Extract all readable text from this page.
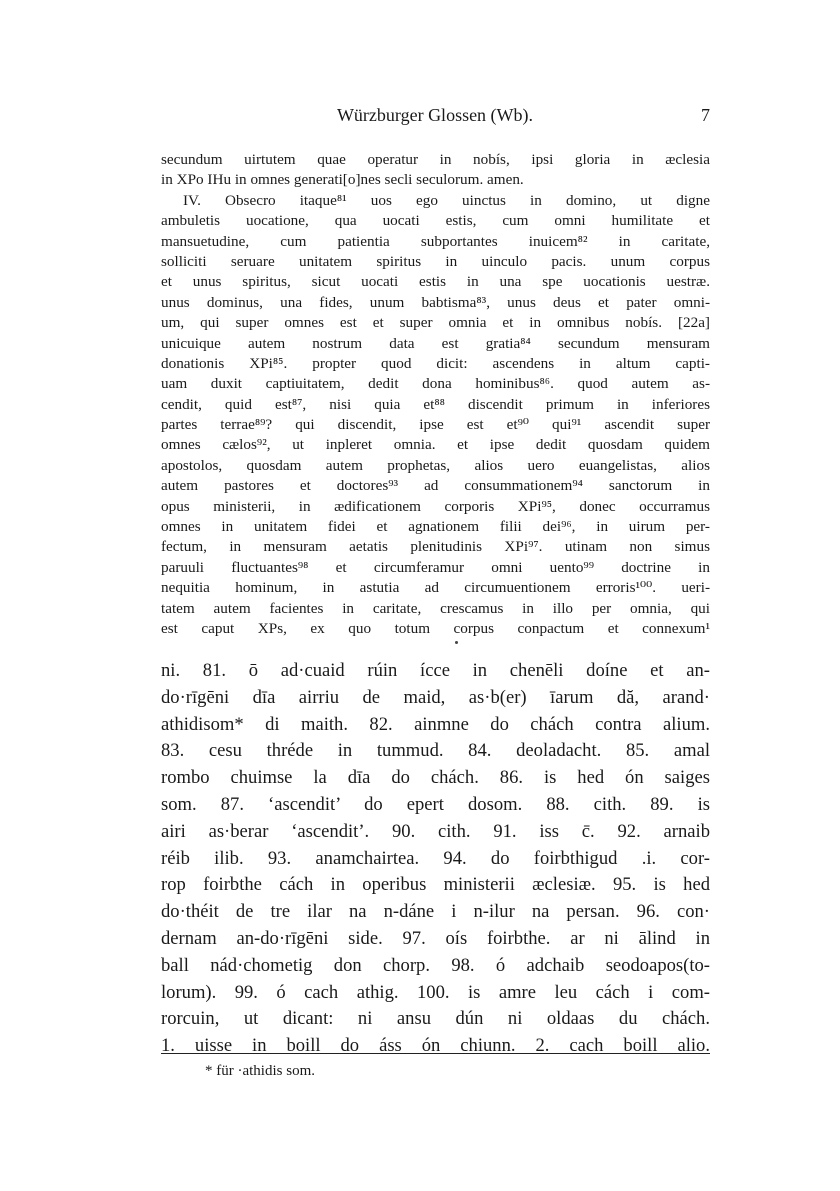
Würzburger Glossen (Wb).	7
secundum uirtutem quae operatur in nobís, ipsi gloria in æclesia
in XPo IHu in omnes generati[o]nes secli seculorum. amen.
IV. Obsecro itaque⁸¹ uos ego uinctus in domino, ut digne
ambuletis uocatione, qua uocati estis, cum omni humilitate et
mansuetudine, cum patientia subportantes inuicem⁸² in caritate,
solliciti seruare unitatem spiritus in uinculo pacis. unum corpus
et unus spiritus, sicut uocati estis in una spe uocationis uestræ.
unus dominus, una fides, unum babtisma⁸³, unus deus et pater omni-
um, qui super omnes est et super omnia et in omnibus nobís. [22a]
unicuique autem nostrum data est gratia⁸⁴ secundum mensuram
donationis XPi⁸⁵. propter quod dicit: ascendens in altum capti-
uam duxit captiuitatem, dedit dona hominibus⁸⁶. quod autem as-
cendit, quid est⁸⁷, nisi quia et⁸⁸ discendit primum in inferiores
partes terrae⁸⁹? qui discendit, ipse est et⁹⁰ qui⁹¹ ascendit super
omnes cælos⁹², ut inpleret omnia. et ipse dedit quosdam quidem
apostolos, quosdam autem prophetas, alios uero euangelistas, alios
autem pastores et doctores⁹³ ad consummationem⁹⁴ sanctorum in
opus ministerii, in ædificationem corporis XPi⁹⁵, donec occurramus
omnes in unitatem fidei et agnationem filii dei⁹⁶, in uirum per-
fectum, in mensuram aetatis plenitudinis XPi⁹⁷. utinam non simus
paruuli fluctuantes⁹⁸ et circumferamur omni uento⁹⁹ doctrine in
nequitia hominum, in astutia ad circumuentionem erroris¹⁰⁰. ueri-
tatem autem facientes in caritate, crescamus in illo per omnia, qui
est caput XPs, ex quo totum corpus conpactum et connexum¹
ni. 81. ō ad·cuaid rúin ícce in chenēli doíne et an-
do·rīgēni dīa airriu de maid, as·b(er) īarum dă, arand·
athidisom* di maith. 82. ainmne do chách contra alium.
83. cesu thréde in tummud. 84. deoladacht. 85. amal
rombo chuimse la dīa do chách. 86. is hed ón saiges
som. 87. ‘ascendit’ do epert dosom. 88. cith. 89. is
airi as·berar ‘ascendit’. 90. cith. 91. iss c̄. 92. arnaib
réib ilib. 93. anamchairtea. 94. do foirbthigud .i. cor-
rop foirbthe cách in operibus ministerii æclesiæ. 95. is hed
do·théit de tre ilar na n-dáne i n-ilur na persan. 96. con·
dernam an-do·rīgēni side. 97. oís foirbthe. ar ni ālind in
ball nád·chometig don chorp. 98. ó adchaib seodoapos(to-
lorum). 99. ó cach athig. 100. is amre leu cách i com-
rorcuin, ut dicant: ni ansu dún ni oldaas du chách.
1. uisse in boill do áss ón chiunn. 2. cach boill alio.
* für ·athidis som.
